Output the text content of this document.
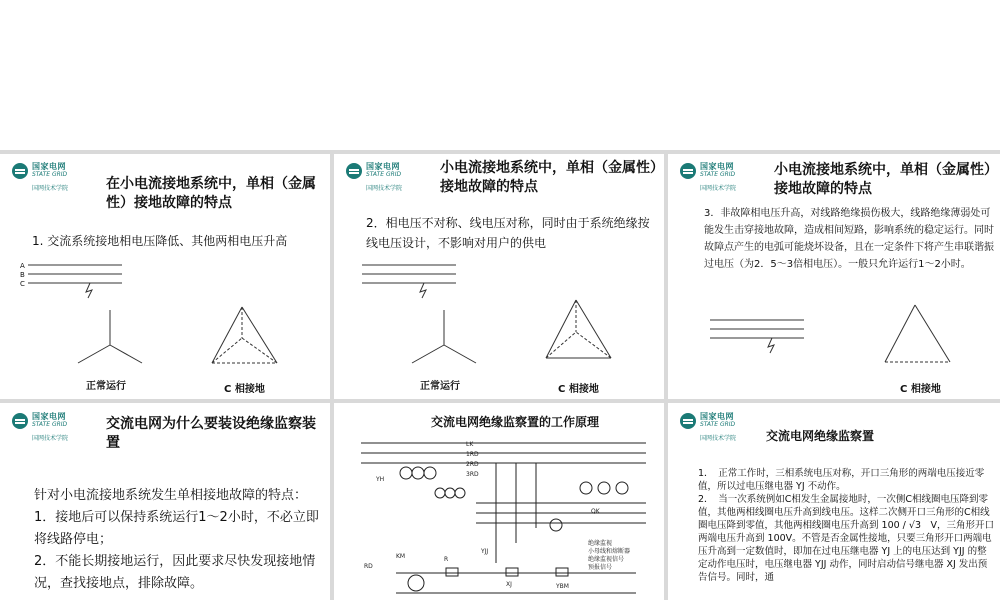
国家电网
STATE GRID
国网技术学院	在小电流接地系统中，单相（金属性）接地故障的特点
1. 交流系统接地相电压降低、其他两相电压升高
A
B
C
正常运行	C 相接地
国家电网
STATE GRID
国网技术学院
小电流接地系统中，单相（金属性）接地故障的特点
2．相电压不对称、线电压对称，同时由于系统绝缘按线电压设计，不影响对用户的供电
正常运行	C 相接地
国家电网
STATE GRID
国网技术学院
小电流接地系统中，单相（金属性）接地故障的特点
3．非故障相电压升高，对线路绝缘损伤极大，线路绝缘薄弱处可能发生击穿接地故障，造成相间短路，影响系统的稳定运行。同时故障点产生的电弧可能烧坏设备，且在一定条件下将产生串联谐振过电压（为2．5～3倍相电压）。一般只允许运行1～2小时。
C 相接地
国家电网
STATE GRID
国网技术学院
交流电网为什么要装设绝缘监察装置
针对小电流接地系统发生单相接地故障的特点：
1．接地后可以保持系统运行1～2小时，不必立即将线路停电；
2．不能长期接地运行，因此要求尽快发现接地情况，查找接地点，排除故障。
交流电网绝缘监察置的工作原理
LK
1RD
2RD
3RD
YH
QK
KM
XJ
YJJ
YBM
RD
R
绝缘监视
小母线和熔断器
绝缘监视信号
预报信号
国家电网
STATE GRID
国网技术学院 交流电网绝缘监察置
1．　正常工作时，三相系统电压对称，开口三角形的两端电压接近零值，所以过电压继电器 YJ 不动作。
2．　当一次系统例如C相发生金属接地时，一次侧C相线圈电压降到零值，其他两相线圈电压升高到线电压。这样二次侧开口三角形的C相线圈电压降到零值，其他两相线圈电压升高到 100 / √3　V，三角形开口两端电压升高到 100V。不管是否金属性接地，只要三角形开口两端电压升高到一定数值时，即加在过电压继电器 YJ 上的电压达到 YJJ 的整定动作电压时，电压继电器 YJJ 动作，同时启动信号继电器 XJ 发出预告信号。同时，通
